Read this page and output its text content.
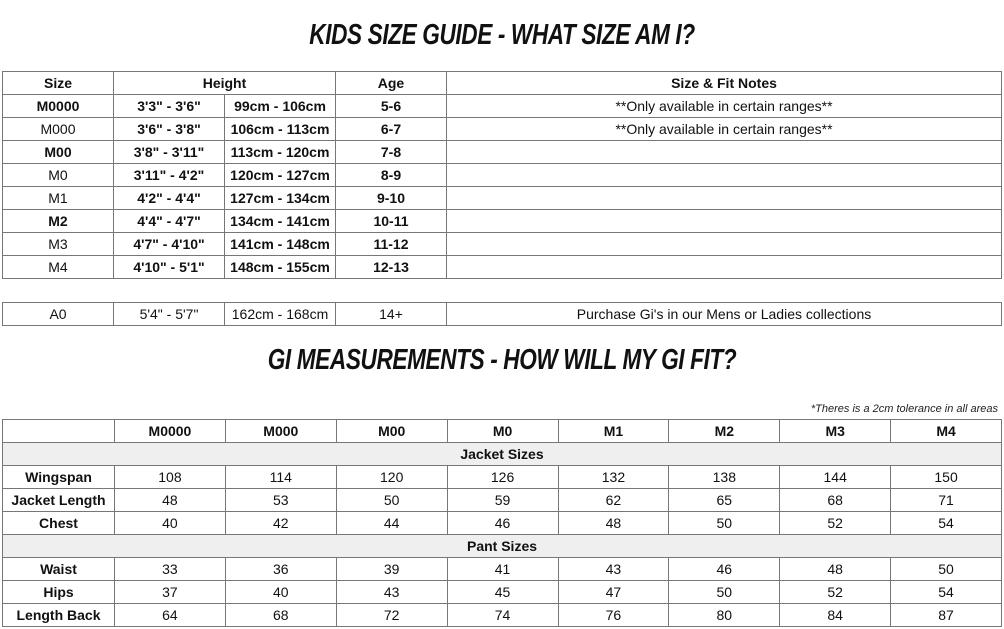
KIDS SIZE GUIDE - WHAT SIZE AM I?
Size	Height		Age	Size & Fit Notes
M0000	3'3" - 3'6"	99cm - 106cm	5-6	**Only available in certain ranges**
M000	3'6" - 3'8"	106cm - 113cm	6-7	**Only available in certain ranges**
M00	3'8" - 3'11"	113cm - 120cm	7-8	
M0	3'11" - 4'2"	120cm - 127cm	8-9	
M1	4'2" - 4'4"	127cm - 134cm	9-10	
M2	4'4" - 4'7"	134cm - 141cm	10-11	
M3	4'7" - 4'10"	141cm - 148cm	11-12	
M4	4'10" - 5'1"	148cm - 155cm	12-13	
A0	5'4" - 5'7"	162cm - 168cm	14+	Purchase Gi's in our Mens or Ladies collections
GI MEASUREMENTS - HOW WILL MY GI FIT?
*Theres is a 2cm tolerance in all areas
	M0000	M000	M00	M0	M1	M2	M3	M4
Jacket Sizes								
Wingspan	108	114	120	126	132	138	144	150
Jacket Length	48	53	50	59	62	65	68	71
Chest	40	42	44	46	48	50	52	54
Pant Sizes								
Waist	33	36	39	41	43	46	48	50
Hips	37	40	43	45	47	50	52	54
Length Back	64	68	72	74	76	80	84	87
